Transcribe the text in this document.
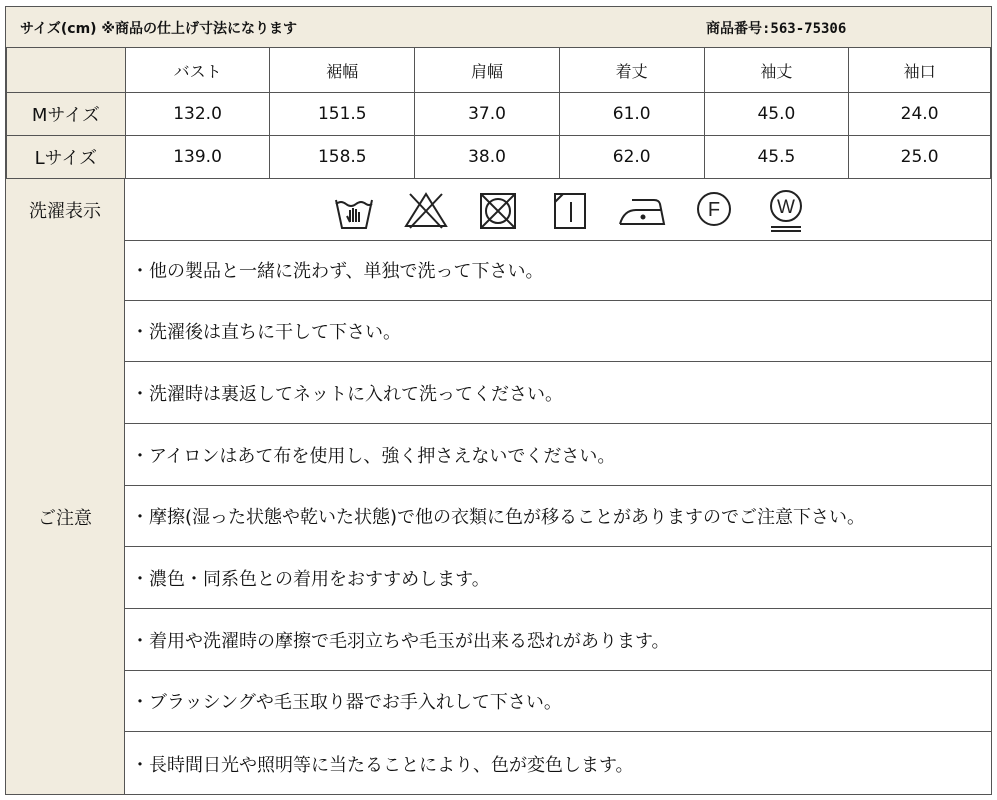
サイズ(cm) ※商品の仕上げ寸法になります	商品番号:563-75306
	バスト	裾幅	肩幅	着丈	袖丈	袖口
Mサイズ	132.0	151.5	37.0	61.0	45.0	24.0
Lサイズ	139.0	158.5	38.0	62.0	45.5	25.0
洗濯表示	F	W
ご注意
・他の製品と一緒に洗わず、単独で洗って下さい。
・洗濯後は直ちに干して下さい。
・洗濯時は裏返してネットに入れて洗ってください。
・アイロンはあて布を使用し、強く押さえないでください。
・摩擦(湿った状態や乾いた状態)で他の衣類に色が移ることがありますのでご注意下さい。
・濃色・同系色との着用をおすすめします。
・着用や洗濯時の摩擦で毛羽立ちや毛玉が出来る恐れがあります。
・ブラッシングや毛玉取り器でお手入れして下さい。
・長時間日光や照明等に当たることにより、色が変色します。
